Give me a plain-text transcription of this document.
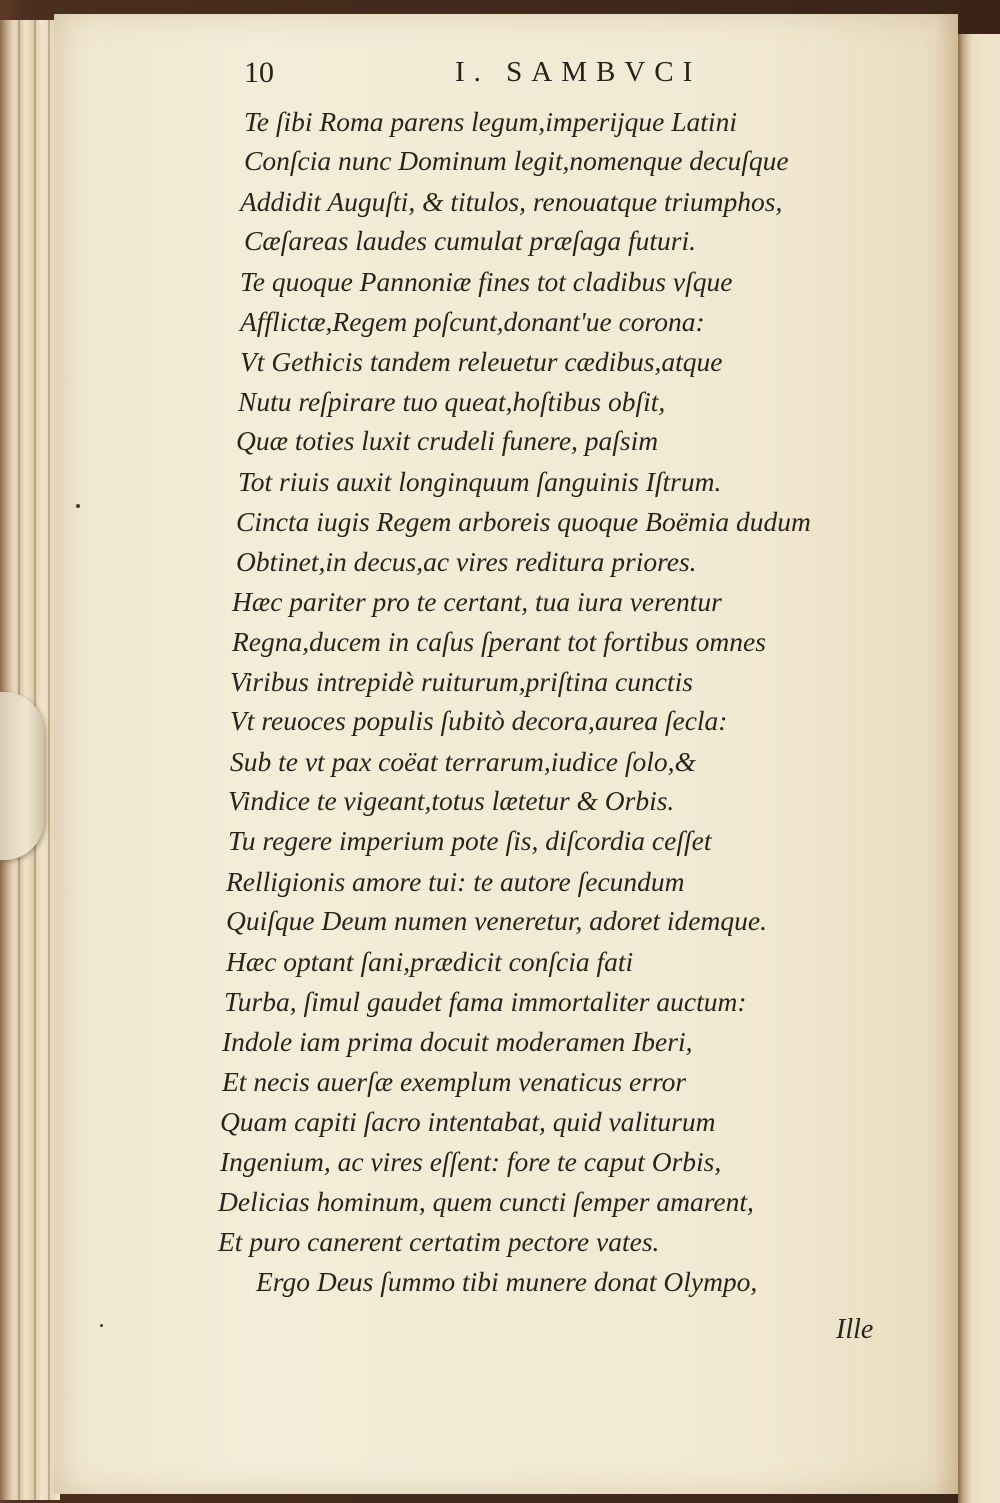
10	I. SAMBVCI
Te ſibi Roma parens legum,imperijque Latini
Conſcia nunc Dominum legit,nomenque decuſque
Addidit Auguſti, & titulos, renouatque triumphos,
Cæſareas laudes cumulat præſaga futuri.
Te quoque Pannoniæ fines tot cladibus vſque
Afflictæ,Regem poſcunt,donant'ue corona:
Vt Gethicis tandem releuetur cædibus,atque
Nutu reſpirare tuo queat,hoſtibus obſit,
Quæ toties luxit crudeli funere, paſsim
Tot riuis auxit longinquum ſanguinis Iſtrum.
Cincta iugis Regem arboreis quoque Boëmia dudum
Obtinet,in decus,ac vires reditura priores.
Hæc pariter pro te certant, tua iura verentur
Regna,ducem in caſus ſperant tot fortibus omnes
Viribus intrepidè ruiturum,priſtina cunctis
Vt reuoces populis ſubitò decora,aurea ſecla:
Sub te vt pax coëat terrarum,iudice ſolo,&
Vindice te vigeant,totus lætetur & Orbis.
Tu regere imperium pote ſis, diſcordia ceſſet
Relligionis amore tui: te autore ſecundum
Quiſque Deum numen veneretur, adoret idemque.
Hæc optant ſani,prædicit conſcia fati
Turba, ſimul gaudet fama immortaliter auctum:
Indole iam prima docuit moderamen Iberi,
Et necis auerſæ exemplum venaticus error
Quam capiti ſacro intentabat, quid valiturum
Ingenium, ac vires eſſent: fore te caput Orbis,
Delicias hominum, quem cuncti ſemper amarent,
Et puro canerent certatim pectore vates.
Ergo Deus ſummo tibi munere donat Olympo,
Ille
